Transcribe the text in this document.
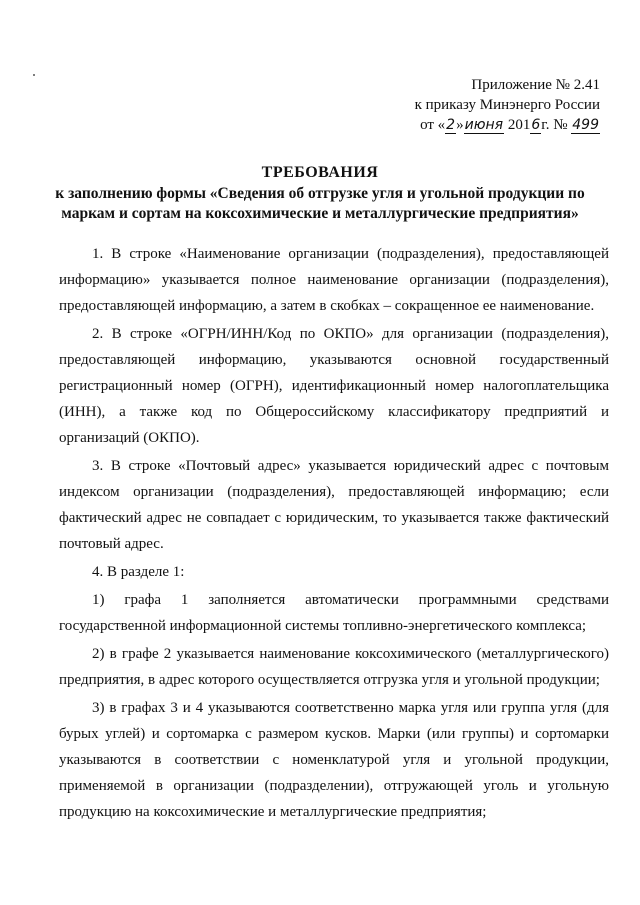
Приложение № 2.41
к приказу Минэнерго России
от «2»июня 2016г. № 499
ТРЕБОВАНИЯ
к заполнению формы «Сведения об отгрузке угля и угольной продукции по
маркам и сортам на коксохимические и металлургические предприятия»

1. В строке «Наименование организации (подразделения), предоставляющей информацию» указывается полное наименование организации (подразделения), предоставляющей информацию, а затем в скобках – сокращенное ее наименование.

2. В строке «ОГРН/ИНН/Код по ОКПО» для организации (подразделения), предоставляющей информацию, указываются основной государственный регистрационный номер (ОГРН), идентификационный номер налогоплательщика (ИНН), а также код по Общероссийскому классификатору предприятий и организаций (ОКПО).

3. В строке «Почтовый адрес» указывается юридический адрес с почтовым индексом организации (подразделения), предоставляющей информацию; если фактический адрес не совпадает с юридическим, то указывается также фактический почтовый адрес.

4. В разделе 1:

1) графа 1 заполняется автоматически программными средствами государственной информационной системы топливно-энергетического комплекса;

2) в графе 2 указывается наименование коксохимического (металлургического) предприятия, в адрес которого осуществляется отгрузка угля и угольной продукции;

3) в графах 3 и 4 указываются соответственно марка угля или группа угля (для бурых углей) и сортомарка с размером кусков. Марки (или группы) и сортомарки указываются в соответствии с номенклатурой угля и угольной продукции, применяемой в организации (подразделении), отгружающей уголь и угольную продукцию на коксохимические и металлургические предприятия;
